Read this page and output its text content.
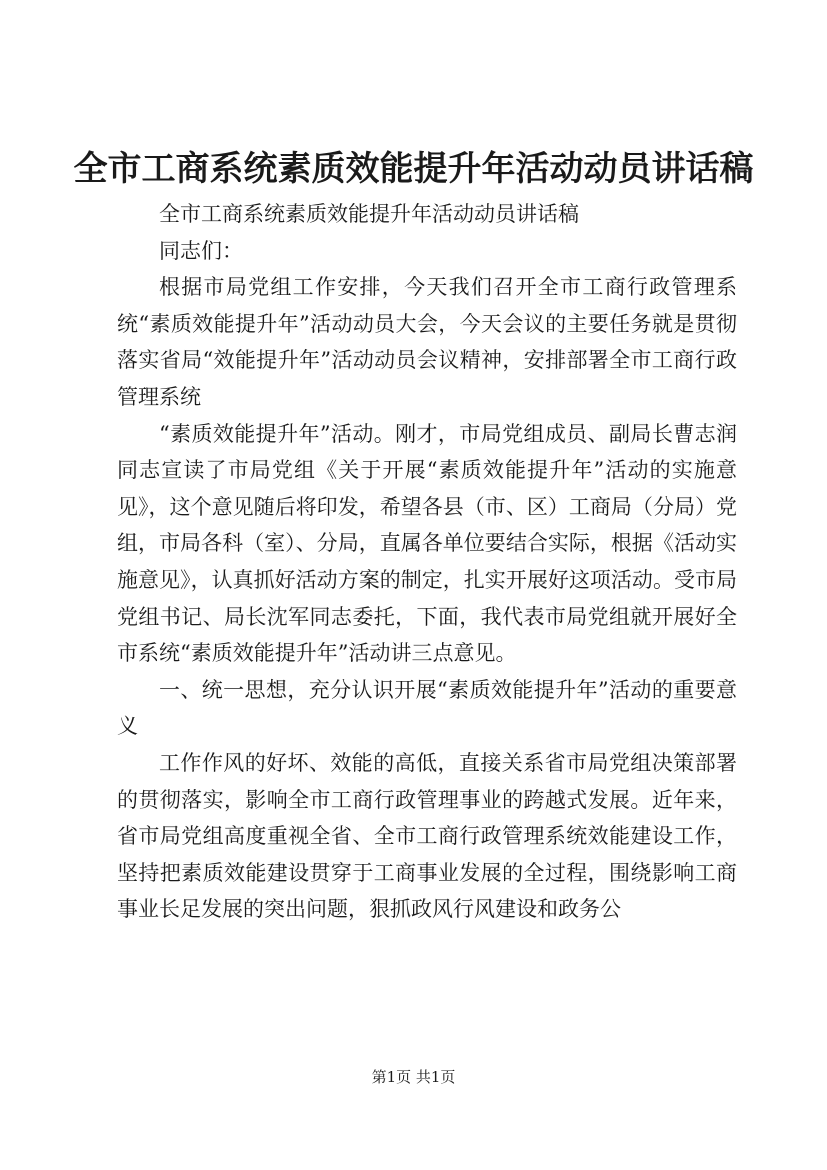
全市工商系统素质效能提升年活动动员讲话稿

全市工商系统素质效能提升年活动动员讲话稿

同志们：

根据市局党组工作安排，今天我们召开全市工商行政管理系统“素质效能提升年”活动动员大会，今天会议的主要任务就是贯彻落实省局“效能提升年”活动动员会议精神，安排部署全市工商行政管理系统

“素质效能提升年”活动。刚才，市局党组成员、副局长曹志润同志宣读了市局党组《关于开展“素质效能提升年”活动的实施意见》，这个意见随后将印发，希望各县（市、区）工商局（分局）党组，市局各科（室）、分局，直属各单位要结合实际，根据《活动实施意见》，认真抓好活动方案的制定，扎实开展好这项活动。受市局党组书记、局长沈军同志委托，下面，我代表市局党组就开展好全市系统“素质效能提升年”活动讲三点意见。

一、统一思想，充分认识开展“素质效能提升年”活动的重要意义

工作作风的好坏、效能的高低，直接关系省市局党组决策部署的贯彻落实，影响全市工商行政管理事业的跨越式发展。近年来，省市局党组高度重视全省、全市工商行政管理系统效能建设工作，坚持把素质效能建设贯穿于工商事业发展的全过程，围绕影响工商事业长足发展的突出问题，狠抓政风行风建设和政务公

第1页 共1页
